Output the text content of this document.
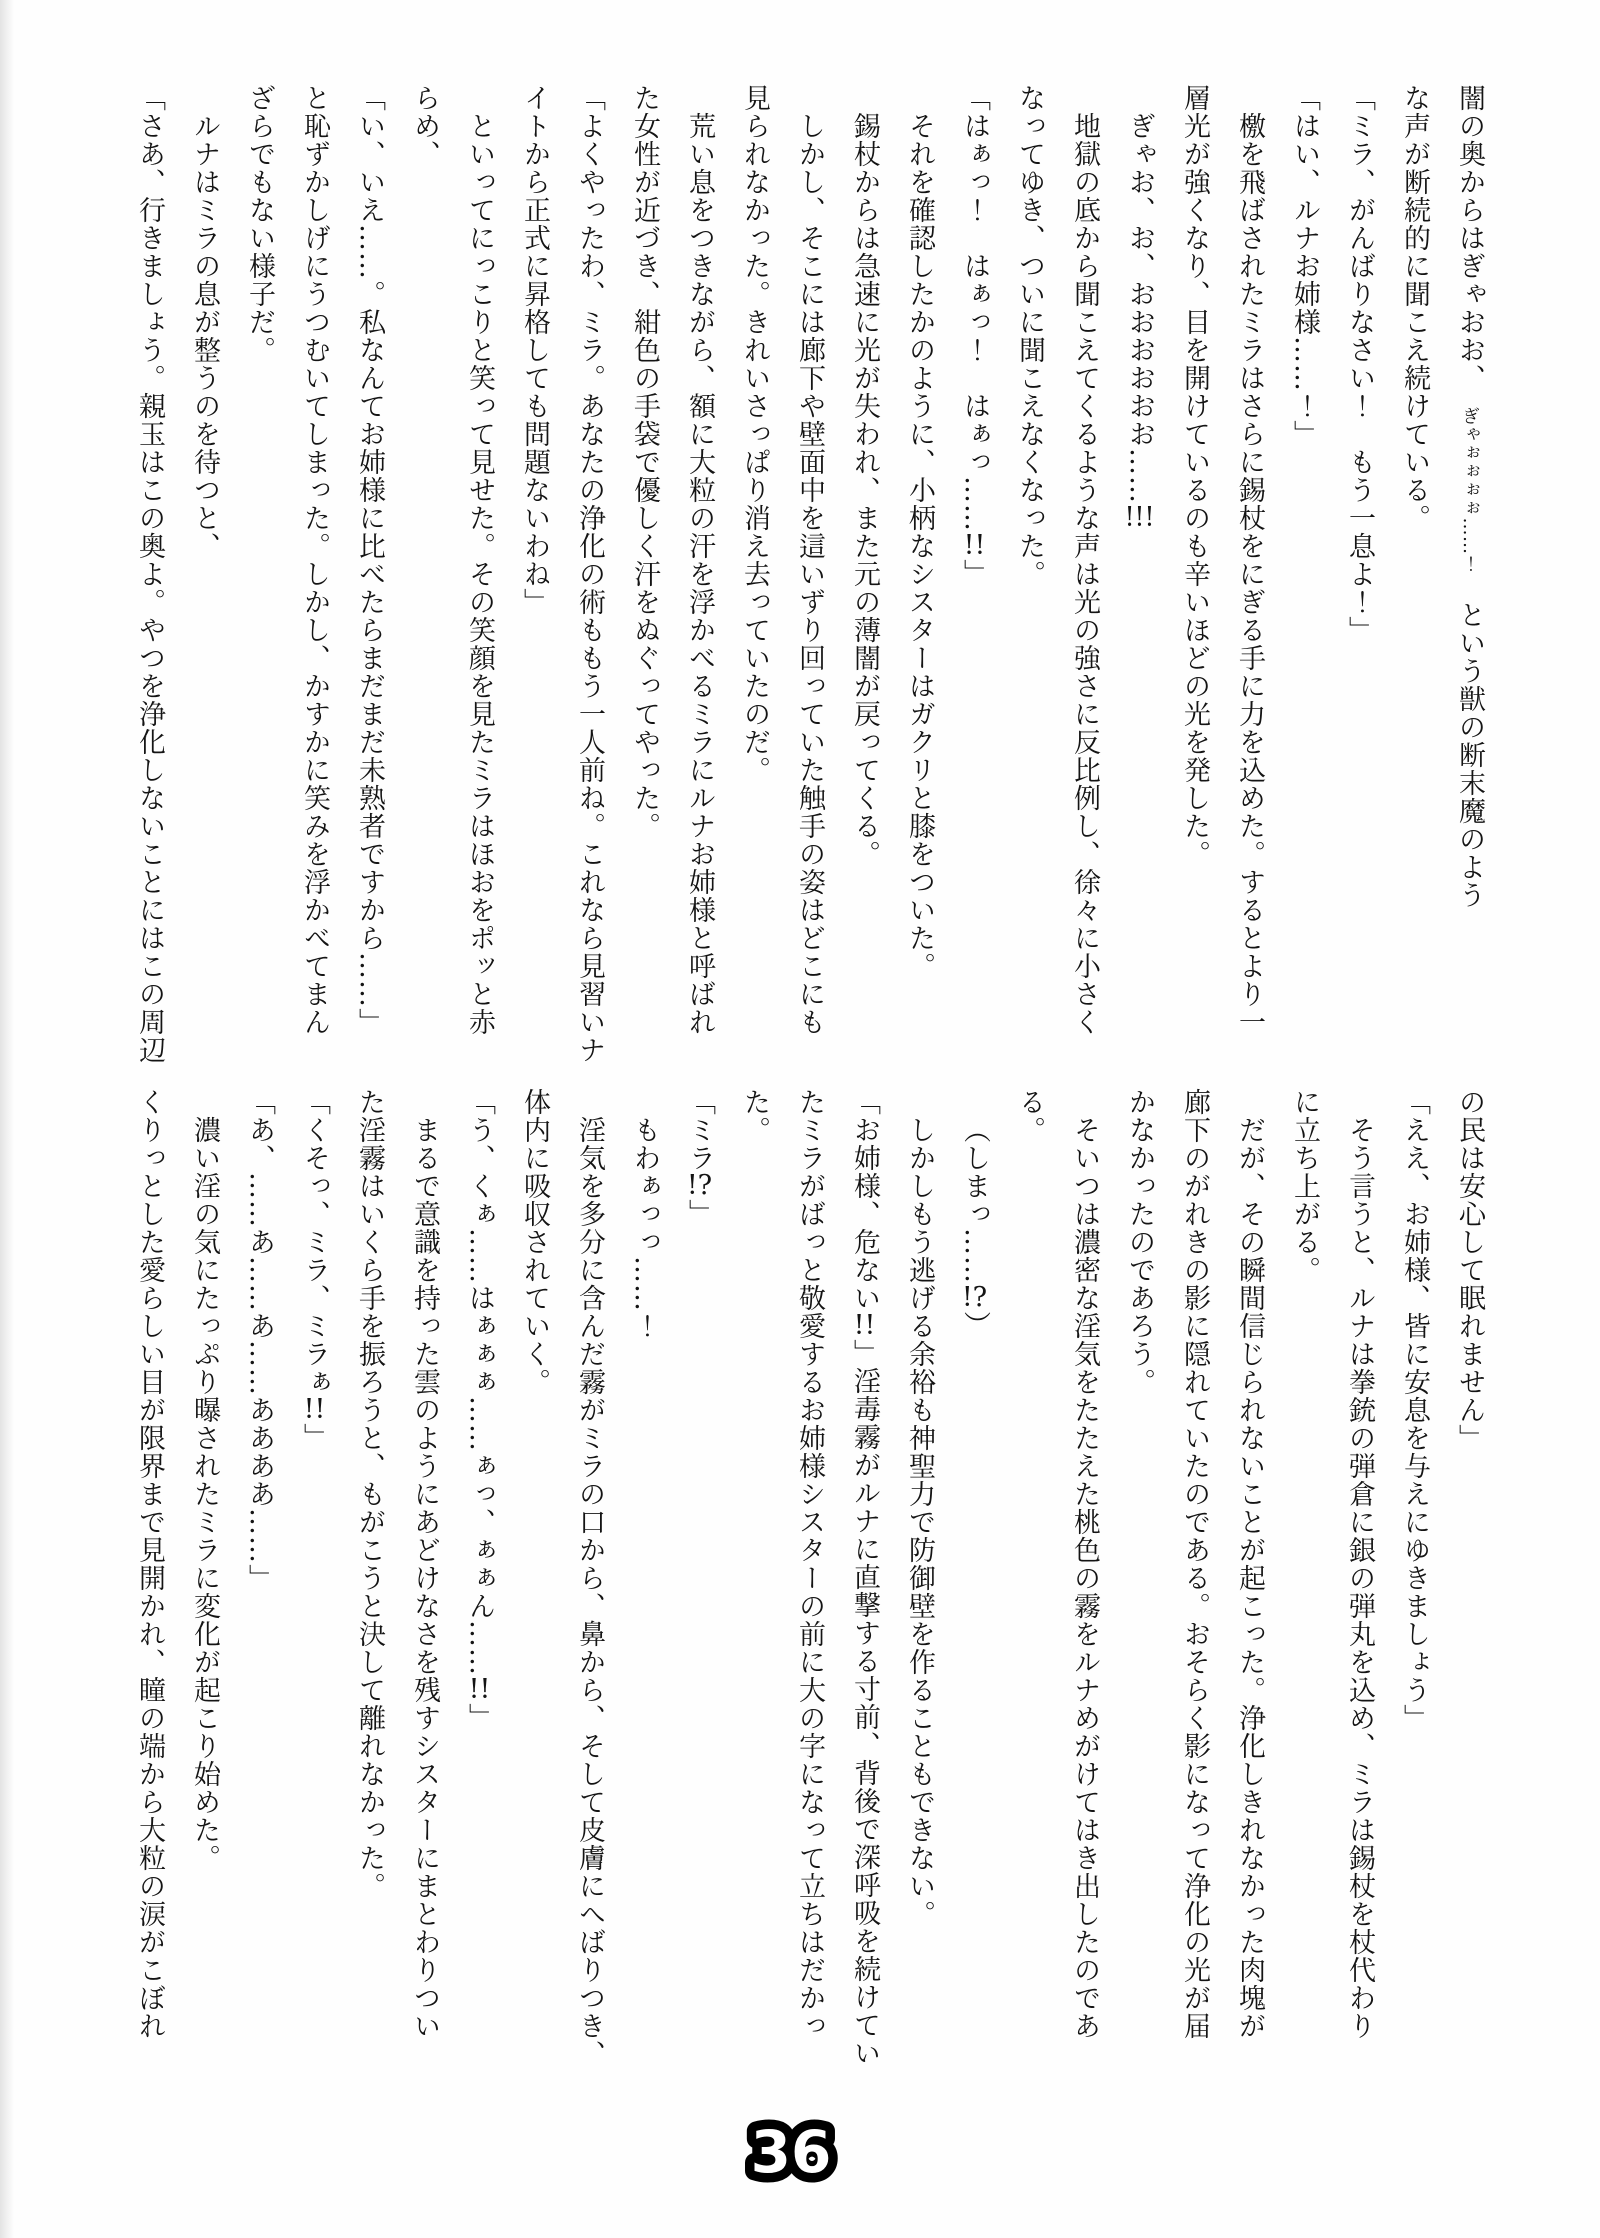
闇の奥からはぎゃおお、　ぎゃぉぉぉぉ……！　という獣の断末魔のよう

な声が断続的に聞こえ続けている。

「ミラ、がんばりなさい！　もう一息よ！」

「はい、ルナお姉様……！」

檄を飛ばされたミラはさらに錫杖をにぎる手に力を込めた。するとより一

層光が強くなり、目を開けているのも辛いほどの光を発した。

ぎゃお、お、おおおおおお……!!!

地獄の底から聞こえてくるような声は光の強さに反比例し、徐々に小さく

なってゆき、ついに聞こえなくなった。

「はぁっ！　はぁっ！　はぁっ……!!」

それを確認したかのように、小柄なシスターはガクリと膝をついた。

錫杖からは急速に光が失われ、また元の薄闇が戻ってくる。

しかし、そこには廊下や壁面中を這いずり回っていた触手の姿はどこにも

見られなかった。きれいさっぱり消え去っていたのだ。

荒い息をつきながら、額に大粒の汗を浮かべるミラにルナお姉様と呼ばれ

た女性が近づき、紺色の手袋で優しく汗をぬぐってやった。

「よくやったわ、ミラ。あなたの浄化の術ももう一人前ね。これなら見習いナ

イトから正式に昇格しても問題ないわね」

といってにっこりと笑って見せた。その笑顔を見たミラはほおをポッと赤

らめ、

「い、いえ……。私なんてお姉様に比べたらまだまだ未熟者ですから……」

と恥ずかしげにうつむいてしまった。しかし、かすかに笑みを浮かべてまん

ざらでもない様子だ。

ルナはミラの息が整うのを待つと、

「さあ、行きましょう。親玉はこの奥よ。やつを浄化しないことにはこの周辺

の民は安心して眠れません」

「ええ、お姉様、皆に安息を与えにゆきましょう」

そう言うと、ルナは拳銃の弾倉に銀の弾丸を込め、ミラは錫杖を杖代わり

に立ち上がる。

だが、その瞬間信じられないことが起こった。浄化しきれなかった肉塊が

廊下のがれきの影に隠れていたのである。おそらく影になって浄化の光が届

かなかったのであろう。

そいつは濃密な淫気をたたえた桃色の霧をルナめがけてはき出したのであ

る。

（しまっ……!?）

しかしもう逃げる余裕も神聖力で防御壁を作ることもできない。

「お姉様、危ない!!」淫毒霧がルナに直撃する寸前、背後で深呼吸を続けてい

たミラがばっと敬愛するお姉様シスターの前に大の字になって立ちはだかっ

た。

「ミラ!?」

もわぁっっ……！

淫気を多分に含んだ霧がミラの口から、鼻から、そして皮膚にへばりつき、

体内に吸収されていく。

「う、くぁ……はぁぁぁ……ぁっ、ぁぁん……!!」

まるで意識を持った雲のようにあどけなさを残すシスターにまとわりつい

た淫霧はいくら手を振ろうと、もがこうと決して離れなかった。

「くそっ、ミラ、ミラぁ!!」

「あ、……あ……あ……ああああ……」

濃い淫の気にたっぷり曝されたミラに変化が起こり始めた。

くりっとした愛らしい目が限界まで見開かれ、瞳の端から大粒の涙がこぼれ

36
